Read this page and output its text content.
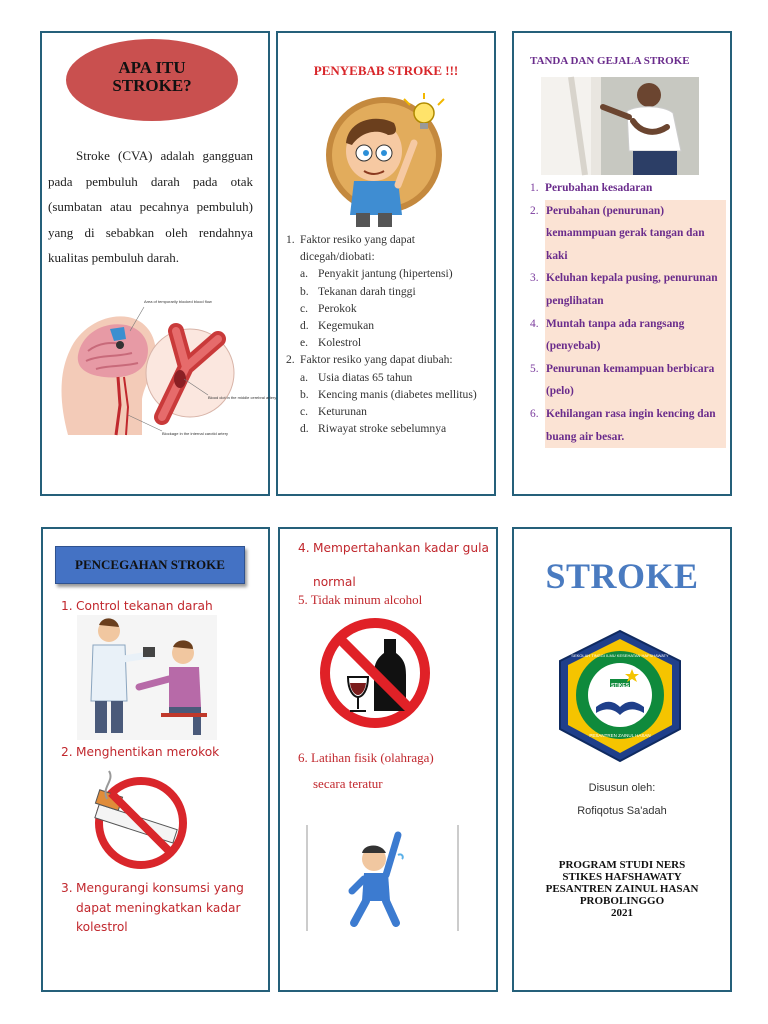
APA ITU STROKE?
Stroke (CVA) adalah gangguan pada pembuluh darah pada otak (sumbatan atau pecahnya pembuluh) yang di sebabkan oleh rendahnya kualitas pembuluh darah.
Area of temporarily blocked blood flow
Blood clot in the middle cerebral artery
Blockage in the internal carotid artery
PENYEBAB STROKE !!!
1. Faktor resiko yang dapat dicegah/diobati:
a. Penyakit jantung (hipertensi)
b. Tekanan darah tinggi
c. Perokok
d. Kegemukan
e. Kolestrol
2. Faktor resiko yang dapat diubah:
a. Usia diatas 65 tahun
b. Kencing manis (diabetes mellitus)
c. Keturunan
d. Riwayat stroke sebelumnya
TANDA DAN GEJALA STROKE
1. Perubahan kesadaran
2. Perubahan (penurunan) kemammpuan gerak tangan dan kaki
3. Keluhan kepala pusing, penurunan penglihatan
4. Muntah tanpa ada rangsang (penyebab)
5. Penurunan kemampuan berbicara (pelo)
6. Kehilangan rasa ingin kencing dan buang air besar.
PENCEGAHAN STROKE
1. Control tekanan darah
2. Menghentikan merokok
3. Mengurangi konsumsi yang dapat meningkatkan kadar kolestrol
4. Mempertahankan kadar gula
normal
5. Tidak minum alcohol
6. Latihan fisik (olahraga)
secara teratur
STROKE
STIKES
SEKOLAH TINGGI ILMU KESEHATAN HAFSHAWATY
PESANTREN ZAINUL HASAN
Disusun oleh:
Rofiqotus Sa'adah
PROGRAM STUDI NERS
STIKES HAFSHAWATY
PESANTREN ZAINUL HASAN
PROBOLINGGO
2021
